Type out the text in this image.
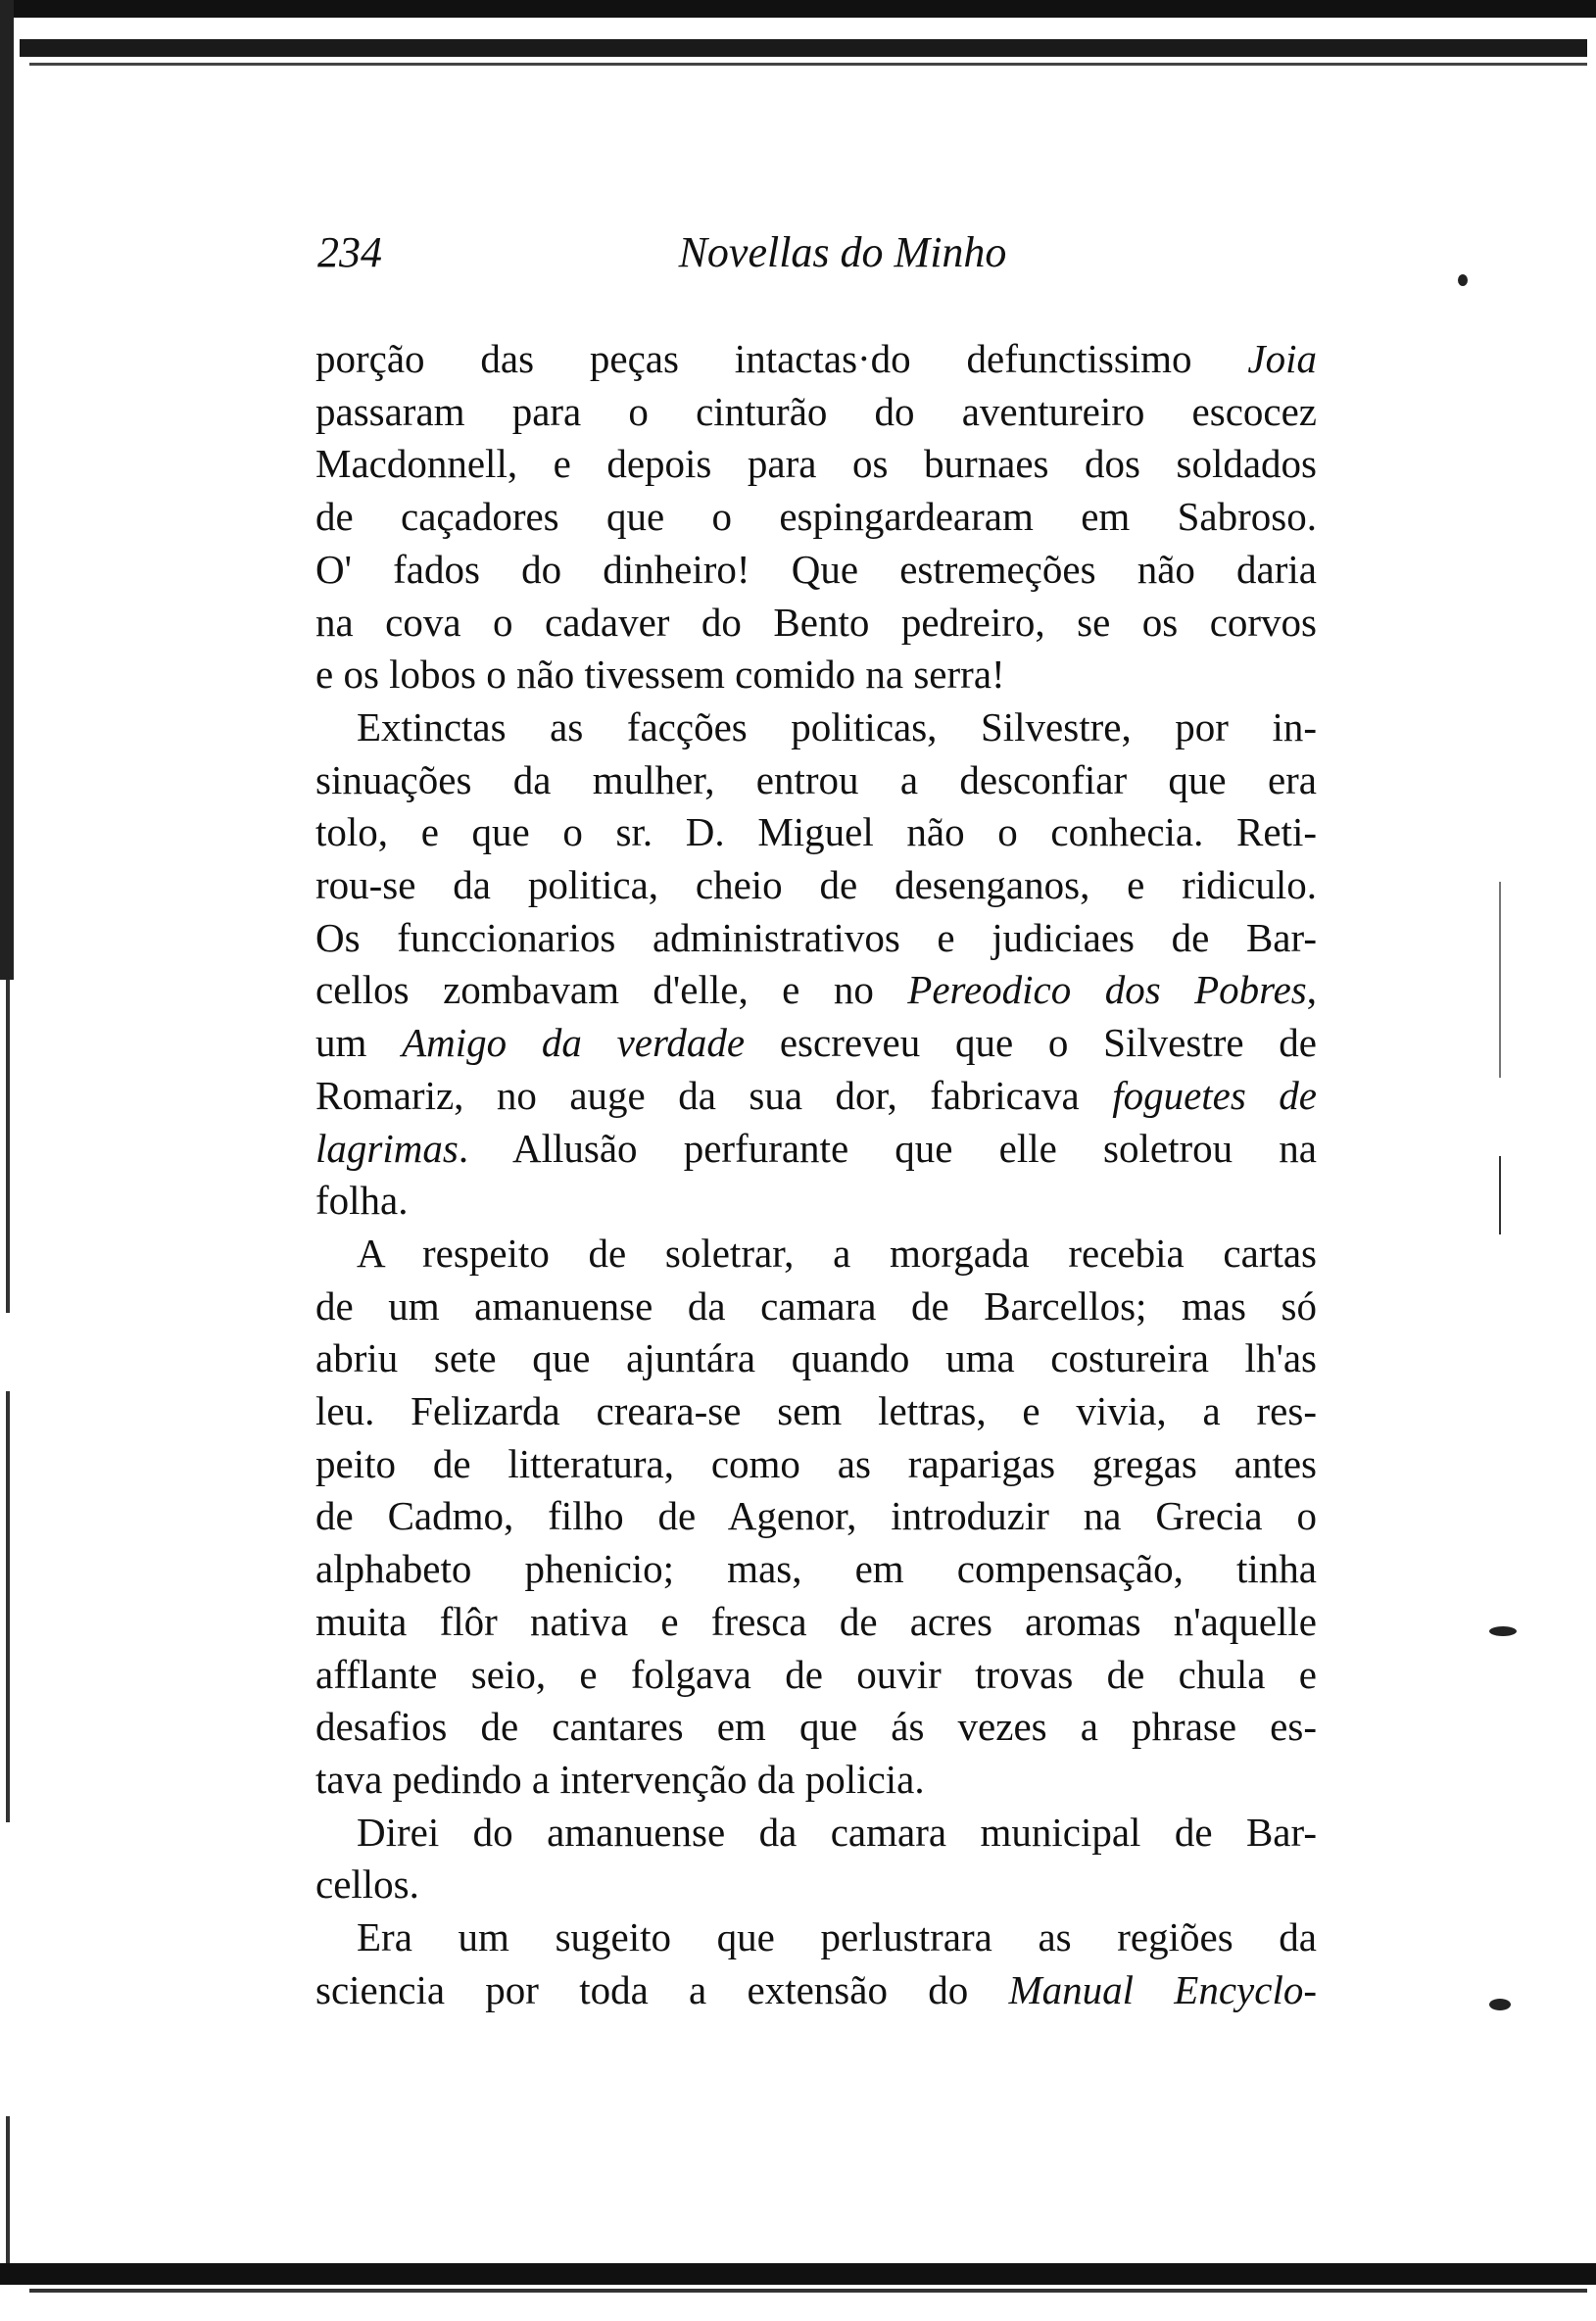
234	Novellas do Minho
porção das peças intactas·do defunctissimo Joia
passaram para o cinturão do aventureiro escocez
Macdonnell, e depois para os burnaes dos soldados
de caçadores que o espingardearam em Sabroso.
O' fados do dinheiro! Que estremeções não daria
na cova o cadaver do Bento pedreiro, se os corvos
e os lobos o não tivessem comido na serra!
Extinctas as facções politicas, Silvestre, por in-
sinuações da mulher, entrou a desconfiar que era
tolo, e que o sr. D. Miguel não o conhecia. Reti-
rou-se da politica, cheio de desenganos, e ridiculo.
Os funccionarios administrativos e judiciaes de Bar-
cellos zombavam d'elle, e no Pereodico dos Pobres,
um Amigo da verdade escreveu que o Silvestre de
Romariz, no auge da sua dor, fabricava foguetes de
lagrimas. Allusão perfurante que elle soletrou na
folha.
A respeito de soletrar, a morgada recebia cartas
de um amanuense da camara de Barcellos; mas só
abriu sete que ajuntára quando uma costureira lh'as
leu. Felizarda creara-se sem lettras, e vivia, a res-
peito de litteratura, como as raparigas gregas antes
de Cadmo, filho de Agenor, introduzir na Grecia o
alphabeto phenicio; mas, em compensação, tinha
muita flôr nativa e fresca de acres aromas n'aquelle
afflante seio, e folgava de ouvir trovas de chula e
desafios de cantares em que ás vezes a phrase es-
tava pedindo a intervenção da policia.
Direi do amanuense da camara municipal de Bar-
cellos.
Era um sugeito que perlustrara as regiões da
sciencia por toda a extensão do Manual Encyclo-
